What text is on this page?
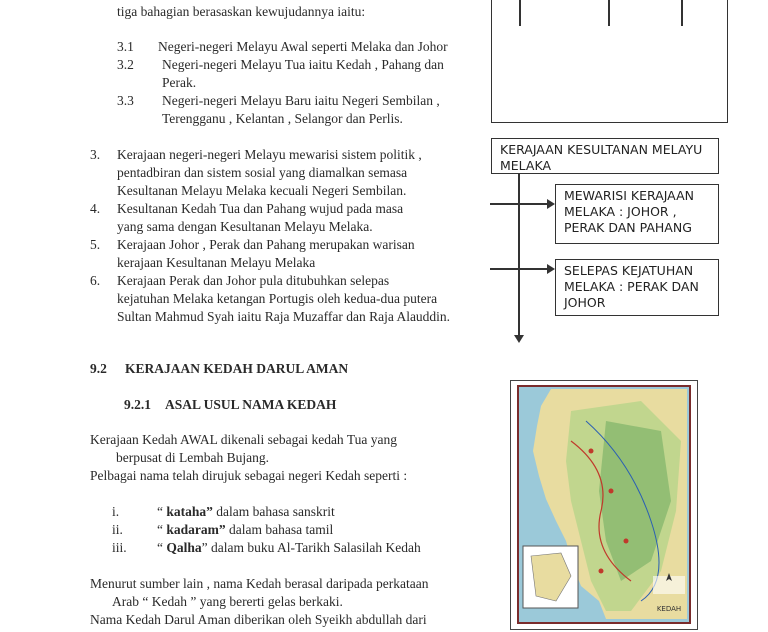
tiga bahagian berasaskan kewujudannya iaitu:
3.1 Negeri-negeri Melayu Awal seperti Melaka dan Johor
3.2 Negeri-negeri Melayu Tua iaitu Kedah , Pahang dan
Perak.
3.3 Negeri-negeri Melayu Baru iaitu Negeri Sembilan ,
Terengganu , Kelantan , Selangor dan Perlis.
3. Kerajaan negeri-negeri Melayu mewarisi sistem politik ,
pentadbiran dan sistem sosial yang diamalkan semasa
Kesultanan Melayu Melaka kecuali Negeri Sembilan.
4. Kesultanan Kedah Tua dan Pahang wujud pada masa
yang sama dengan Kesultanan Melayu Melaka.
5. Kerajaan Johor , Perak dan Pahang merupakan warisan
kerajaan Kesultanan Melayu Melaka
6. Kerajaan Perak dan Johor pula ditubuhkan selepas
kejatuhan Melaka ketangan Portugis oleh kedua-dua putera
Sultan Mahmud Syah iaitu Raja Muzaffar dan Raja Alauddin.
KERAJAAN KESULTANAN MELAYU MELAKA
MEWARISI KERAJAAN MELAKA : JOHOR , PERAK DAN PAHANG
SELEPAS KEJATUHAN MELAKA : PERAK DAN JOHOR
9.2 KERAJAAN KEDAH DARUL AMAN
9.2.1 ASAL USUL NAMA KEDAH
Kerajaan Kedah AWAL dikenali sebagai kedah Tua yang
berpusat di Lembah Bujang.
Pelbagai nama telah dirujuk sebagai negeri Kedah seperti :
i.	“ kataha” dalam bahasa sanskrit
ii.	“ kadaram” dalam bahasa tamil
iii. “ Qalha” dalam buku Al-Tarikh Salasilah Kedah
Menurut sumber lain , nama Kedah berasal daripada perkataan
Arab “ Kedah ” yang bererti gelas berkaki.
Nama Kedah Darul Aman diberikan oleh Syeikh abdullah dari
KEDAH
